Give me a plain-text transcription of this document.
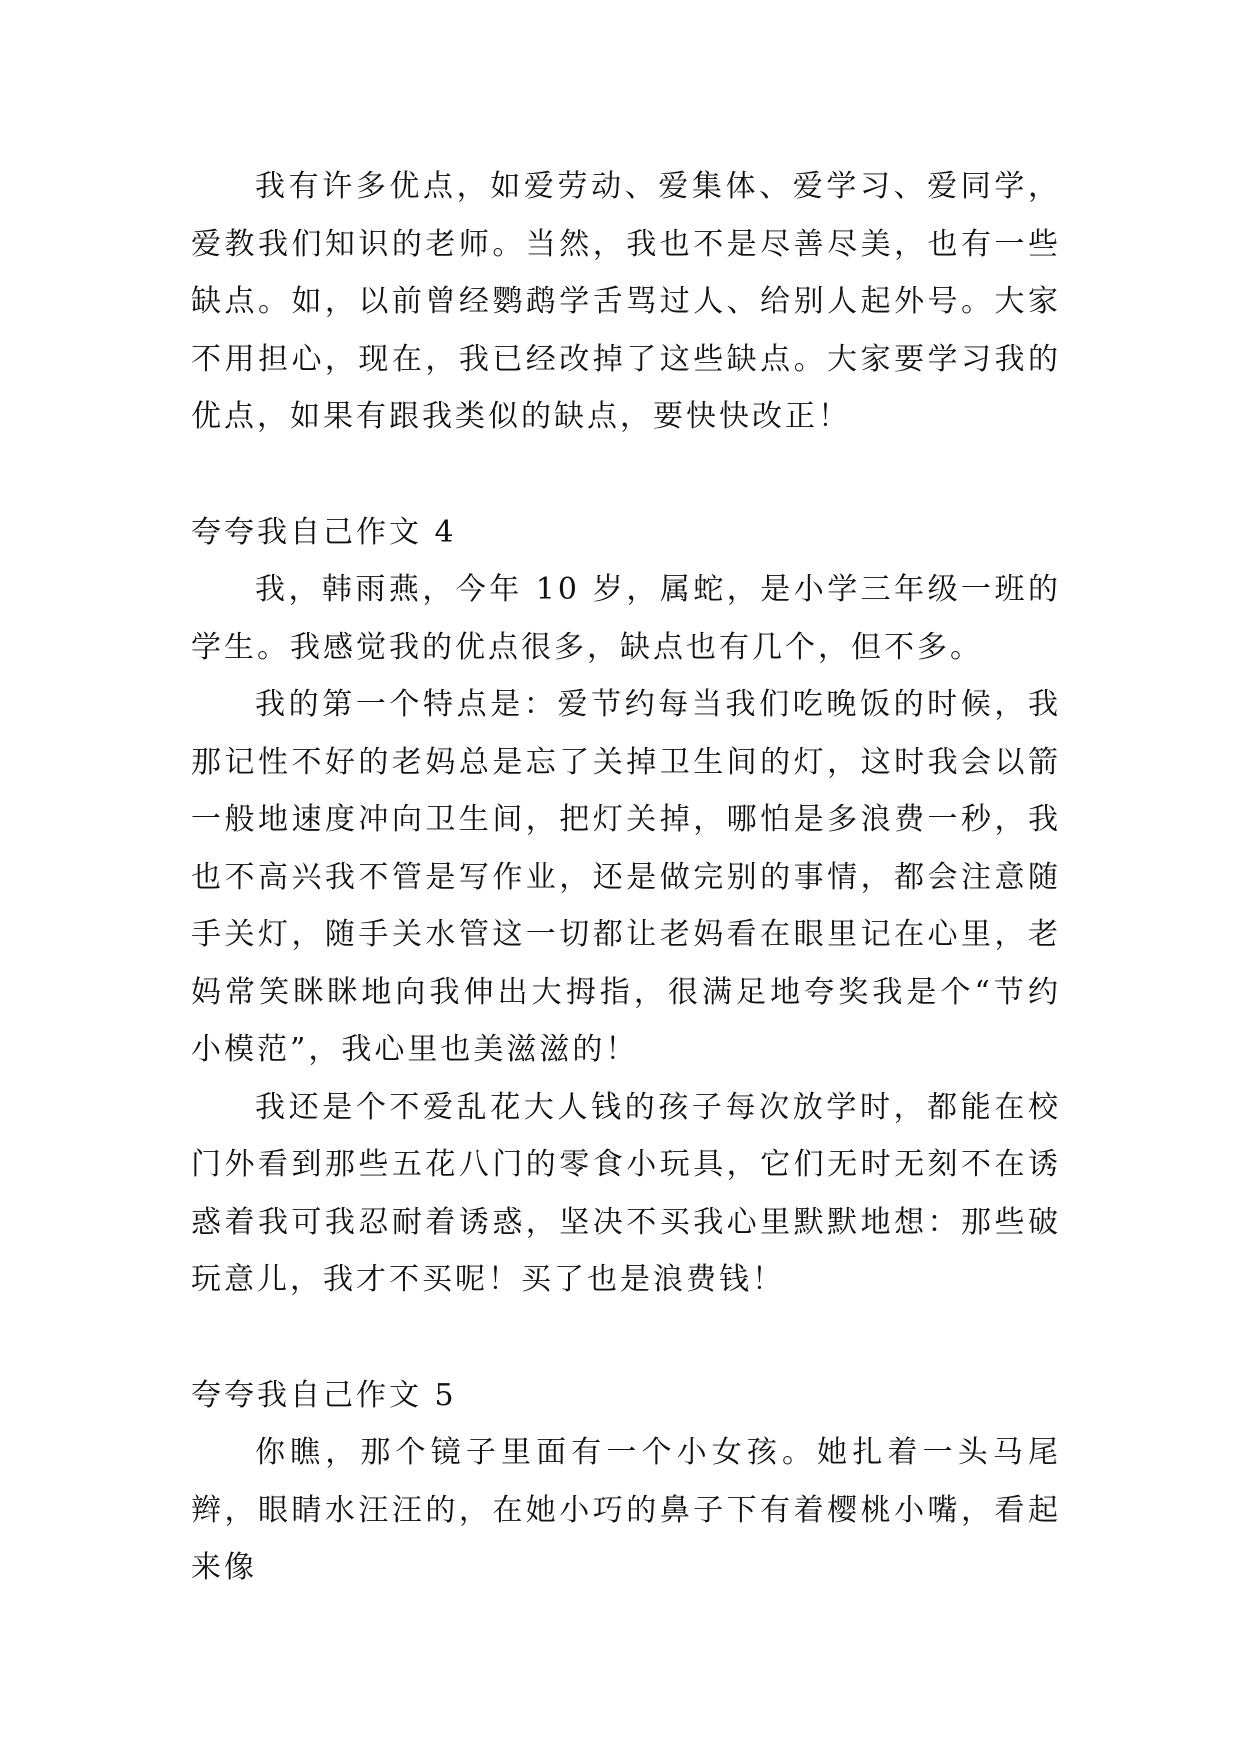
我有许多优点，如爱劳动、爱集体、爱学习、爱同学，爱教我们知识的老师。当然，我也不是尽善尽美，也有一些缺点。如，以前曾经鹦鹉学舌骂过人、给别人起外号。大家不用担心，现在，我已经改掉了这些缺点。大家要学习我的优点，如果有跟我类似的缺点，要快快改正！

夸夸我自己作文 4

我，韩雨燕，今年 10 岁，属蛇，是小学三年级一班的学生。我感觉我的优点很多，缺点也有几个，但不多。

我的第一个特点是：爱节约每当我们吃晚饭的时候，我那记性不好的老妈总是忘了关掉卫生间的灯，这时我会以箭一般地速度冲向卫生间，把灯关掉，哪怕是多浪费一秒，我也不高兴我不管是写作业，还是做完别的事情，都会注意随手关灯，随手关水管这一切都让老妈看在眼里记在心里，老妈常笑眯眯地向我伸出大拇指，很满足地夸奖我是个“节约小模范”，我心里也美滋滋的！

我还是个不爱乱花大人钱的孩子每次放学时，都能在校门外看到那些五花八门的零食小玩具，它们无时无刻不在诱惑着我可我忍耐着诱惑，坚决不买我心里默默地想：那些破玩意儿，我才不买呢！买了也是浪费钱！

夸夸我自己作文 5

你瞧，那个镜子里面有一个小女孩。她扎着一头马尾辫，眼睛水汪汪的，在她小巧的鼻子下有着樱桃小嘴，看起来像
